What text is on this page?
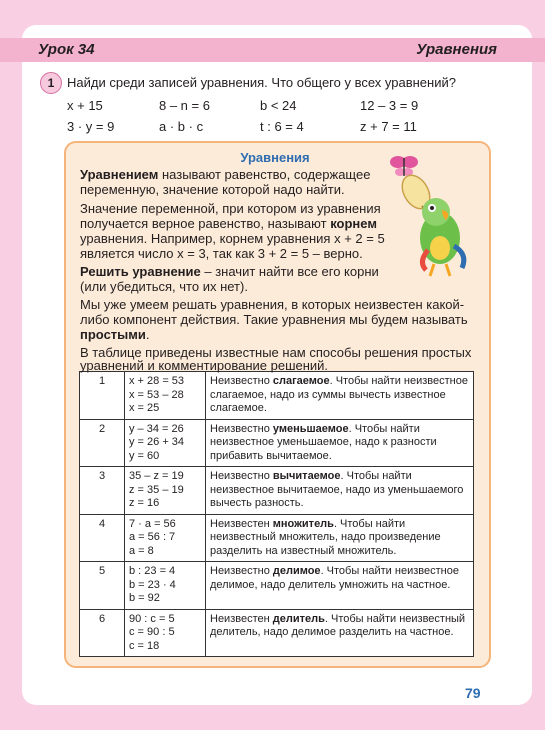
Урок 34	Уравнения
1 Найди среди записей уравнения. Что общего у всех уравнений?
x + 15	8 – n = 6	b < 24	12 – 3 = 9
3 · y = 9	a · b · c	t : 6 = 4	z + 7 = 11
Уравнения
Уравнением называют равенство, содержащее
переменную, значение которой надо найти.
Значение переменной, при котором из уравнения
получается верное равенство, называют корнем
уравнения. Например, корнем уравнения x + 2 = 5
является число x = 3, так как 3 + 2 = 5 – верно.
Решить уравнение – значит найти все его корни
(или убедиться, что их нет).
Мы уже умеем решать уравнения, в которых неизвестен какой-
либо компонент действия. Такие уравнения мы будем называть
простыми.
В таблице приведены известные нам способы решения простых
1	x + 28 = 53
x = 53 – 28
x = 25	Неизвестно слагаемое. Чтобы найти неизвестное слагаемое, надо из суммы вычесть известное слагаемое.
2	y – 34 = 26
y = 26 + 34
y = 60	Неизвестно уменьшаемое. Чтобы найти неизвестное уменьшаемое, надо к разности прибавить вычитаемое.
3	35 – z = 19
z = 35 – 19
z = 16	Неизвестно вычитаемое. Чтобы найти неизвестное вычитаемое, надо из уменьшаемого вычесть разность.
4	7 · a = 56
a = 56 : 7
a = 8	Неизвестен множитель. Чтобы найти неизвестный множитель, надо произведение разделить на известный множитель.
5	b : 23 = 4
b = 23 · 4
b = 92	Неизвестно делимое. Чтобы найти неизвестное делимое, надо делитель умножить на частное.
6	90 : c = 5
c = 90 : 5
c = 18	Неизвестен делитель. Чтобы найти неизвестный делитель, надо делимое разделить на частное.
79
уравнений и комментирование решений.
